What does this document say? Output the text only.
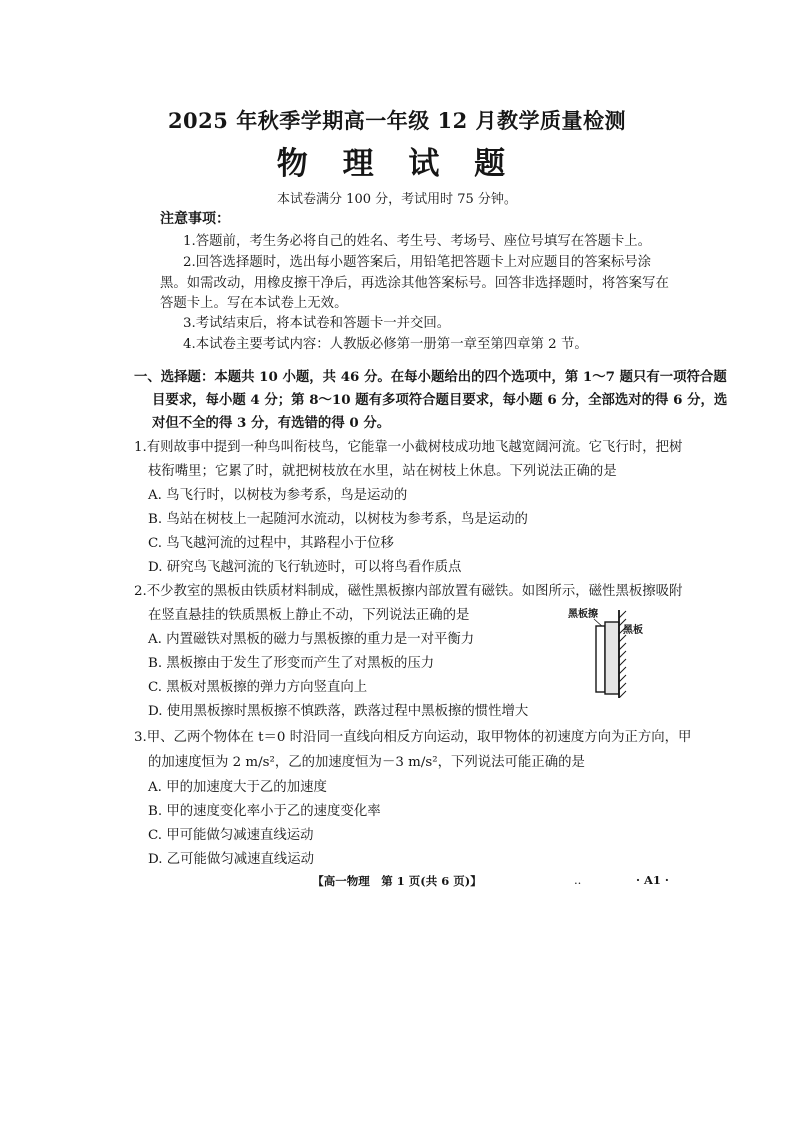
2025 年秋季学期高一年级 12 月教学质量检测
物 理 试 题
本试卷满分 100 分，考试用时 75 分钟。
注意事项：
1.答题前，考生务必将自己的姓名、考生号、考场号、座位号填写在答题卡上。
2.回答选择题时，选出每小题答案后，用铅笔把答题卡上对应题目的答案标号涂
黑。如需改动，用橡皮擦干净后，再选涂其他答案标号。回答非选择题时，将答案写在
答题卡上。写在本试卷上无效。
3.考试结束后，将本试卷和答题卡一并交回。
4.本试卷主要考试内容：人教版必修第一册第一章至第四章第 2 节。
一、选择题：本题共 10 小题，共 46 分。在每小题给出的四个选项中，第 1～7 题只有一项符合题
目要求，每小题 4 分；第 8～10 题有多项符合题目要求，每小题 6 分，全部选对的得 6 分，选
对但不全的得 3 分，有选错的得 0 分。
1.有则故事中提到一种鸟叫衔枝鸟，它能靠一小截树枝成功地飞越宽阔河流。它飞行时，把树
枝衔嘴里；它累了时，就把树枝放在水里，站在树枝上休息。下列说法正确的是
A. 鸟飞行时，以树枝为参考系，鸟是运动的
B. 鸟站在树枝上一起随河水流动，以树枝为参考系，鸟是运动的
C. 鸟飞越河流的过程中，其路程小于位移
D. 研究鸟飞越河流的飞行轨迹时，可以将鸟看作质点
2.不少教室的黑板由铁质材料制成，磁性黑板擦内部放置有磁铁。如图所示，磁性黑板擦吸附
在竖直悬挂的铁质黑板上静止不动，下列说法正确的是
A. 内置磁铁对黑板的磁力与黑板擦的重力是一对平衡力
B. 黑板擦由于发生了形变而产生了对黑板的压力
C. 黑板对黑板擦的弹力方向竖直向上
D. 使用黑板擦时黑板擦不慎跌落，跌落过程中黑板擦的惯性增大
黑板擦
黑板
3.甲、乙两个物体在 t＝0 时沿同一直线向相反方向运动，取甲物体的初速度方向为正方向，甲
的加速度恒为 2 m/s²，乙的加速度恒为－3 m/s²，下列说法可能正确的是
A. 甲的加速度大于乙的加速度
B. 甲的速度变化率小于乙的速度变化率
C. 甲可能做匀减速直线运动
D. 乙可能做匀减速直线运动
【高一物理　第 1 页(共 6 页)】	..	· A1 ·
